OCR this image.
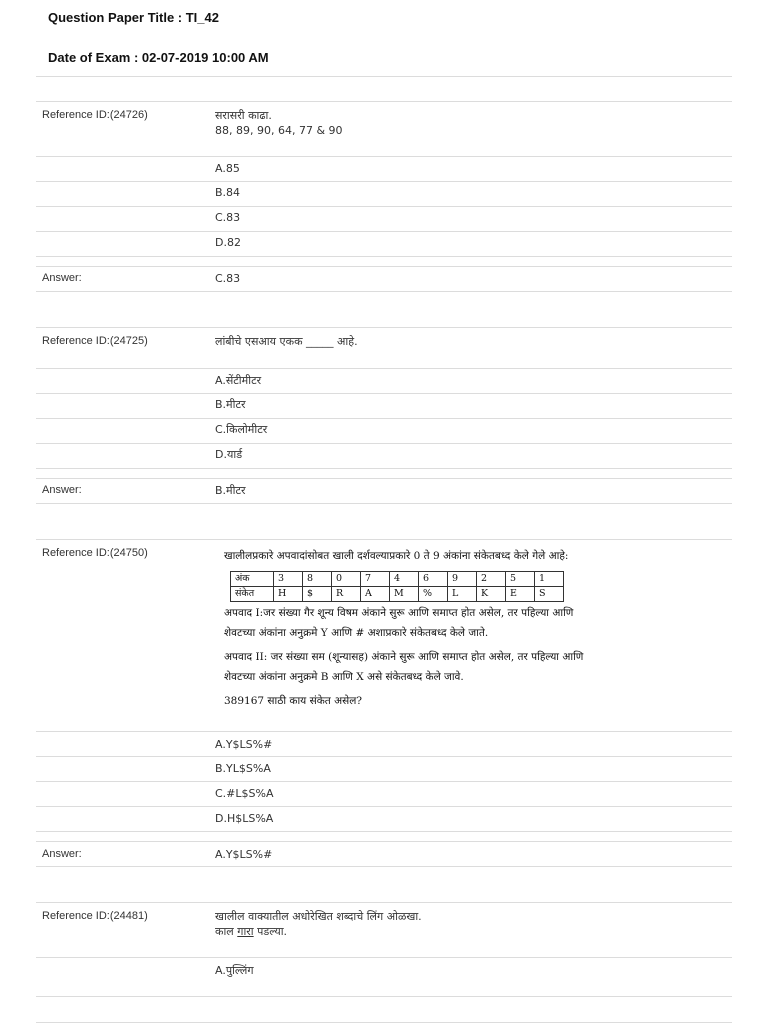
Question Paper Title : TI_42
Date of Exam : 02-07-2019 10:00 AM
Reference ID:(24726)	सरासरी काढा.
88, 89, 90, 64, 77 & 90
A.85
B.84
C.83
D.82
Answer:	C.83
Reference ID:(24725)	लांबीचे एसआय एकक _____ आहे.
A.सेंटीमीटर
B.मीटर
C.किलोमीटर
D.यार्ड
Answer:	B.मीटर
Reference ID:(24750)	खालीलप्रकारे अपवादांसोबत खाली दर्शवल्याप्रकारे 0 ते 9 अंकांना संकेतबध्द केले गेले आहे:
अंक	3	8	0	7	4	6	9	2	5	1
संकेत	H	$	R	A	M	%	L	K	E	S
अपवाद I:जर संख्या गैर शून्य विषम अंकाने सुरू आणि समाप्त होत असेल, तर पहिल्या आणि
शेवटच्या अंकांना अनुक्रमे Y आणि # अशाप्रकारे संकेतबध्द केले जाते.
अपवाद II: जर संख्या सम (शून्यासह) अंकाने सुरू आणि समाप्त होत असेल, तर पहिल्या आणि
शेवटच्या अंकांना अनुक्रमे B आणि X असे संकेतबध्द केले जावे.
389167 साठी काय संकेत असेल?
A.Y$LS%#
B.YL$S%A
C.#L$S%A
D.H$LS%A
Answer:	A.Y$LS%#
Reference ID:(24481)	खालील वाक्यातील अधोरेखित शब्दाचे लिंग ओळखा.
काल गारा पडल्या.
A.पुल्लिंग
